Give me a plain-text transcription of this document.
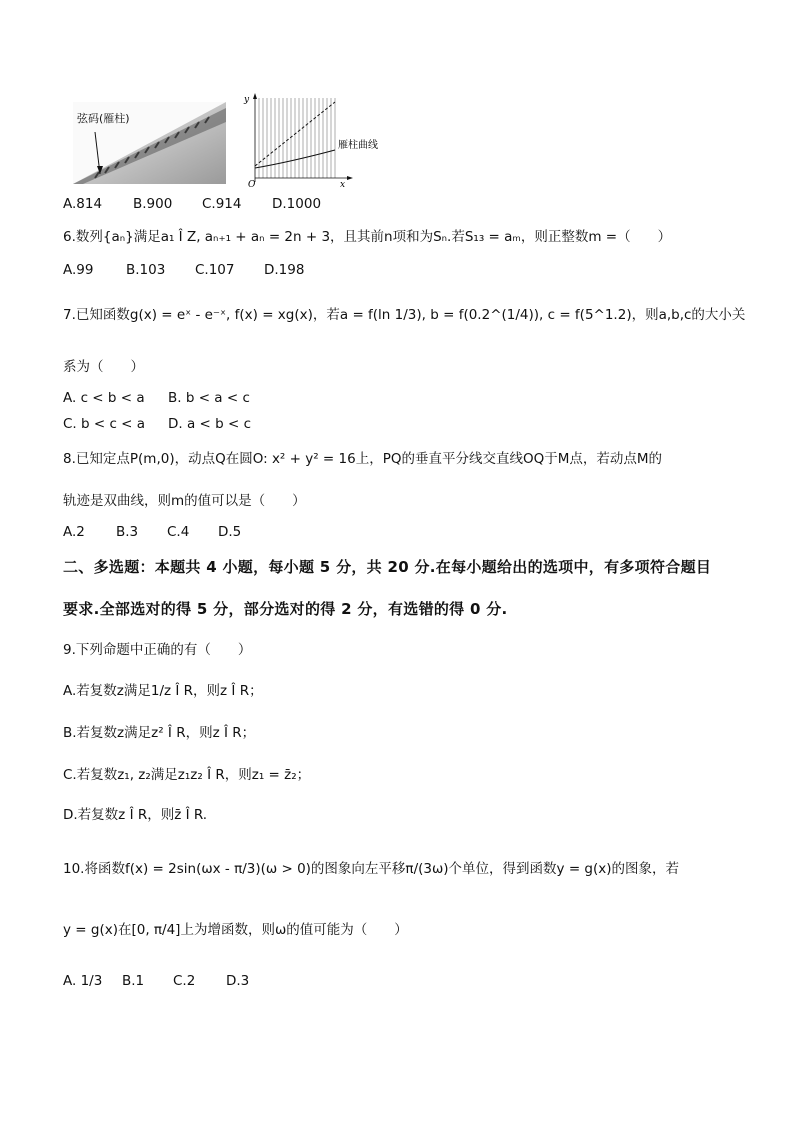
弦码(雁柱)
y
x
O
雁柱曲线
A.814 B.900 C.914 D.1000
6.数列{aₙ}满足a₁ Î Z, aₙ₊₁ + aₙ = 2n + 3，且其前n项和为Sₙ.若S₁₃ = aₘ，则正整数m =（　　）
A.99 B.103 C.107 D.198
7.已知函数g(x) = eˣ - e⁻ˣ, f(x) = xg(x)，若a = f(ln 1/3), b = f(0.2^(1/4)), c = f(5^1.2)，则a,b,c的大小关
系为（　　）
A. c < b < a B. b < a < c
C. b < c < a D. a < b < c
8.已知定点P(m,0)，动点Q在圆O: x² + y² = 16上，PQ的垂直平分线交直线OQ于M点，若动点M的
轨迹是双曲线，则m的值可以是（　　）
A.2 B.3 C.4 D.5
二、多选题：本题共 4 小题，每小题 5 分，共 20 分.在每小题给出的选项中，有多项符合题目
要求.全部选对的得 5 分，部分选对的得 2 分，有选错的得 0 分.
9.下列命题中正确的有（　　）
A.若复数z满足1/z Î R，则z Î R；
B.若复数z满足z² Î R，则z Î R；
C.若复数z₁, z₂满足z₁z₂ Î R，则z₁ = z̄₂；
D.若复数z Î R，则z̄ Î R.
10.将函数f(x) = 2sin(ωx - π/3)(ω > 0)的图象向左平移π/(3ω)个单位，得到函数y = g(x)的图象，若
y = g(x)在[0, π/4]上为增函数，则ω的值可能为（　　）
A. 1/3 B.1 C.2 D.3
